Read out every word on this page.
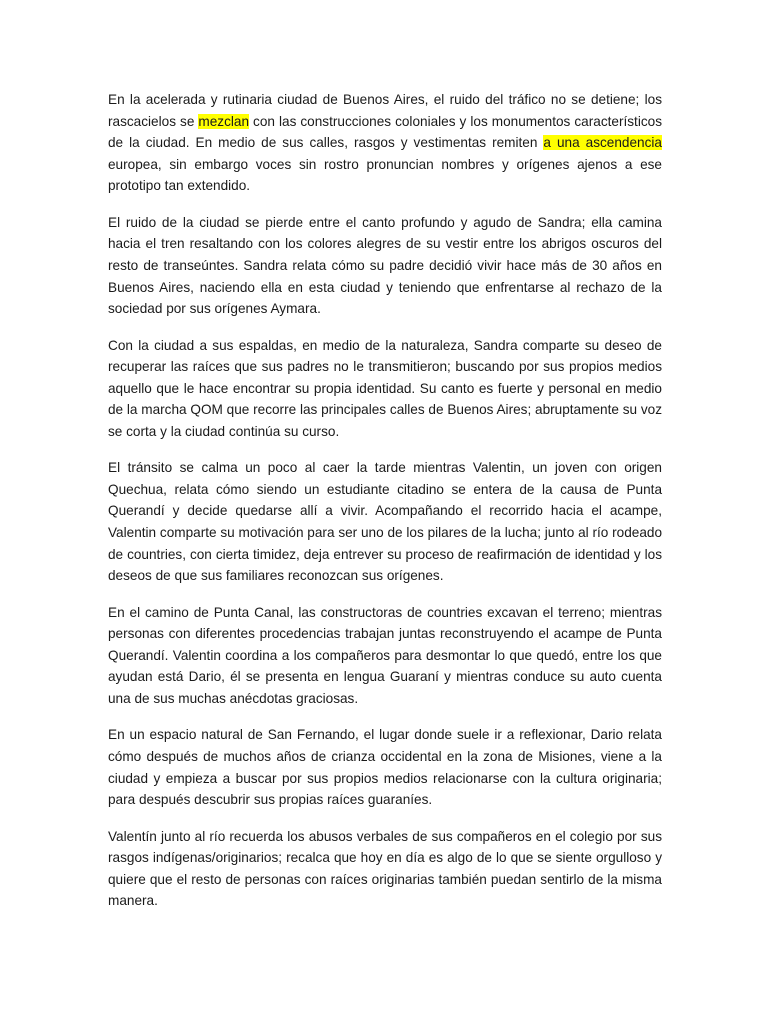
En la acelerada y rutinaria ciudad de Buenos Aires, el ruido del tráfico no se detiene; los rascacielos se mezclan con las construcciones coloniales y los monumentos característicos de la ciudad. En medio de sus calles, rasgos y vestimentas remiten a una ascendencia europea, sin embargo voces sin rostro pronuncian nombres y orígenes ajenos a ese prototipo tan extendido.

El ruido de la ciudad se pierde entre el canto profundo y agudo de Sandra; ella camina hacia el tren resaltando con los colores alegres de su vestir entre los abrigos oscuros del resto de transeúntes. Sandra relata cómo su padre decidió vivir hace más de 30 años en Buenos Aires, naciendo ella en esta ciudad y teniendo que enfrentarse al rechazo de la sociedad por sus orígenes Aymara.

Con la ciudad a sus espaldas, en medio de la naturaleza, Sandra comparte su deseo de recuperar las raíces que sus padres no le transmitieron; buscando por sus propios medios aquello que le hace encontrar su propia identidad. Su canto es fuerte y personal en medio de la marcha QOM que recorre las principales calles de Buenos Aires; abruptamente su voz se corta y la ciudad continúa su curso.

El tránsito se calma un poco al caer la tarde mientras Valentin, un joven con origen Quechua, relata cómo siendo un estudiante citadino se entera de la causa de Punta Querandí y decide quedarse allí a vivir. Acompañando el recorrido hacia el acampe, Valentin comparte su motivación para ser uno de los pilares de la lucha; junto al río rodeado de countries, con cierta timidez, deja entrever su proceso de reafirmación de identidad y los deseos de que sus familiares reconozcan sus orígenes.

En el camino de Punta Canal, las constructoras de countries excavan el terreno; mientras personas con diferentes procedencias trabajan juntas reconstruyendo el acampe de Punta Querandí. Valentin coordina a los compañeros para desmontar lo que quedó, entre los que ayudan está Dario, él se presenta en lengua Guaraní y mientras conduce su auto cuenta una de sus muchas anécdotas graciosas.

En un espacio natural de San Fernando, el lugar donde suele ir a reflexionar, Dario relata cómo después de muchos años de crianza occidental en la zona de Misiones, viene a la ciudad y empieza a buscar por sus propios medios relacionarse con la cultura originaria; para después descubrir sus propias raíces guaraníes.

Valentín junto al río recuerda los abusos verbales de sus compañeros en el colegio por sus rasgos indígenas/originarios; recalca que hoy en día es algo de lo que se siente orgulloso y quiere que el resto de personas con raíces originarias también puedan sentirlo de la misma manera.
